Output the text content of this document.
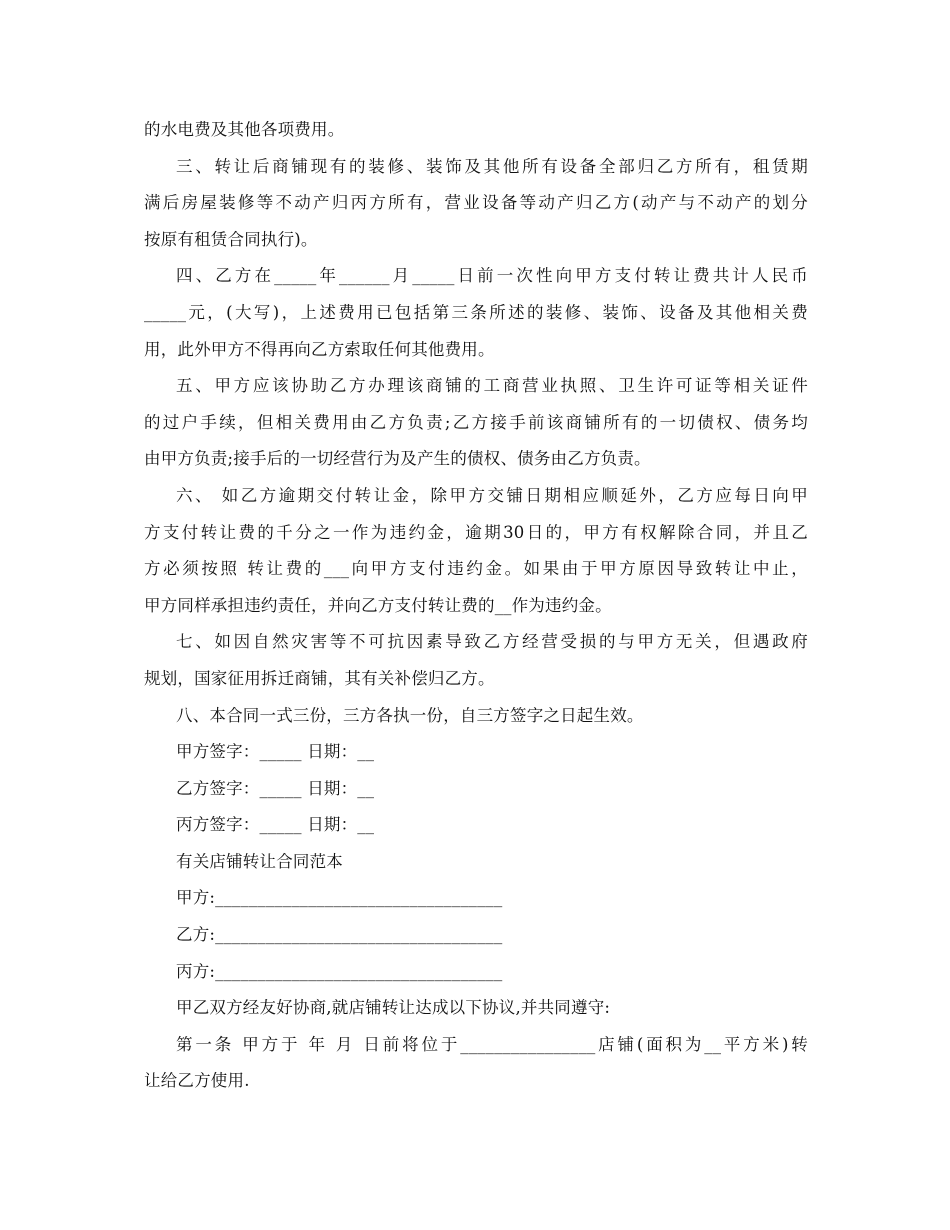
的水电费及其他各项费用。
三、转让后商铺现有的装修、装饰及其他所有设备全部归乙方所有，租赁期
满后房屋装修等不动产归丙方所有，营业设备等动产归乙方(动产与不动产的划分
按原有租赁合同执行)。
四、乙方在_____年______月_____日前一次性向甲方支付转让费共计人民币
_____元，(大写)，上述费用已包括第三条所述的装修、装饰、设备及其他相关费
用，此外甲方不得再向乙方索取任何其他费用。
五、甲方应该协助乙方办理该商铺的工商营业执照、卫生许可证等相关证件
的过户手续，但相关费用由乙方负责;乙方接手前该商铺所有的一切债权、债务均
由甲方负责;接手后的一切经营行为及产生的债权、债务由乙方负责。
六、 如乙方逾期交付转让金，除甲方交铺日期相应顺延外，乙方应每日向甲
方支付转让费的千分之一作为违约金，逾期30日的，甲方有权解除合同，并且乙
方必须按照 转让费的___向甲方支付违约金。如果由于甲方原因导致转让中止，
甲方同样承担违约责任，并向乙方支付转让费的__作为违约金。
七、如因自然灾害等不可抗因素导致乙方经营受损的与甲方无关，但遇政府
规划，国家征用拆迁商铺，其有关补偿归乙方。
八、本合同一式三份，三方各执一份，自三方签字之日起生效。
甲方签字：_____ 日期：__
乙方签字：_____ 日期：__
丙方签字：_____ 日期：__
有关店铺转让合同范本
甲方:__________________________________
乙方:__________________________________
丙方:__________________________________
甲乙双方经友好协商,就店铺转让达成以下协议,并共同遵守:
第一条 甲方于 年 月 日前将位于________________店铺(面积为__平方米)转
让给乙方使用.
